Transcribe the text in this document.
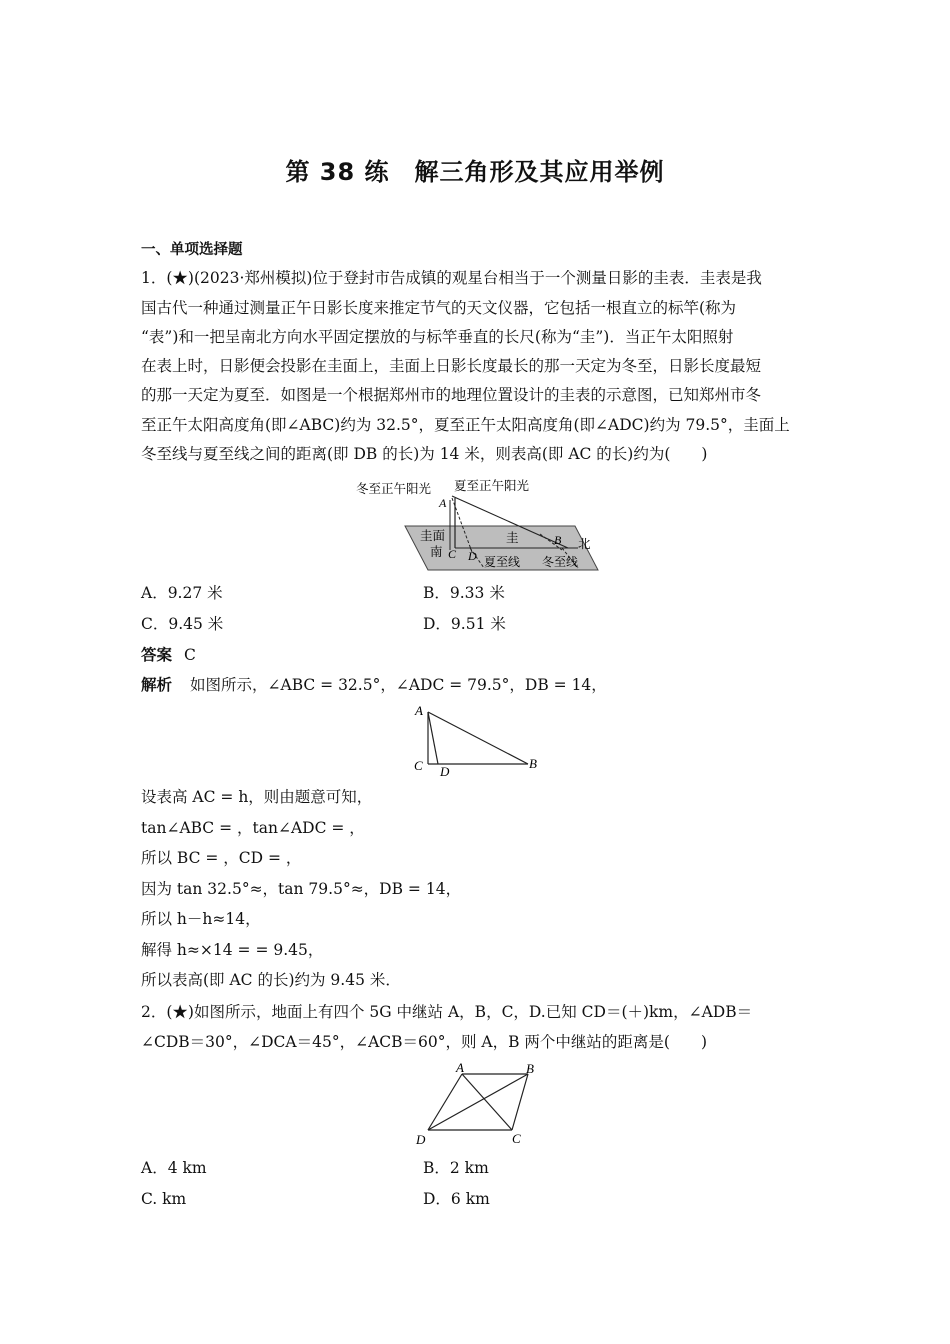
第 38 练　解三角形及其应用举例
一、单项选择题
1．(★)(2023·郑州模拟)位于登封市告成镇的观星台相当于一个测量日影的圭表．圭表是我
国古代一种通过测量正午日影长度来推定节气的天文仪器，它包括一根直立的标竿(称为
“表”)和一把呈南北方向水平固定摆放的与标竿垂直的长尺(称为“圭”)．当正午太阳照射
在表上时，日影便会投影在圭面上，圭面上日影长度最长的那一天定为冬至，日影长度最短
的那一天定为夏至．如图是一个根据郑州市的地理位置设计的圭表的示意图，已知郑州市冬
至正午太阳高度角(即∠ABC)约为 32.5°，夏至正午太阳高度角(即∠ADC)约为 79.5°，圭面上
冬至线与夏至线之间的距离(即 DB 的长)为 14 米，则表高(即 AC 的长)约为(　　)
冬至正午阳光 夏至正午阳光
A
圭面
南 C D
圭	B 北
夏至线 冬至线
A．9.27 米	B．9.33 米
C．9.45 米	D．9.51 米
答案 C
解析 如图所示，∠ABC = 32.5°，∠ADC = 79.5°，DB = 14，
A
C D
B
设表高 AC = h，则由题意可知，
tan∠ABC = ，tan∠ADC = ，
所以 BC = ，CD = ，
因为 tan 32.5°≈，tan 79.5°≈，DB = 14，
所以 h－h≈14，
解得 h≈×14 = = 9.45，
所以表高(即 AC 的长)约为 9.45 米．
2．(★)如图所示，地面上有四个 5G 中继站 A，B，C，D.已知 CD＝(＋)km，∠ADB＝
∠CDB＝30°，∠DCA＝45°，∠ACB＝60°，则 A，B 两个中继站的距离是(　　)
A	B
C
D
A．4 km	B．2 km
C. km	D．6 km
